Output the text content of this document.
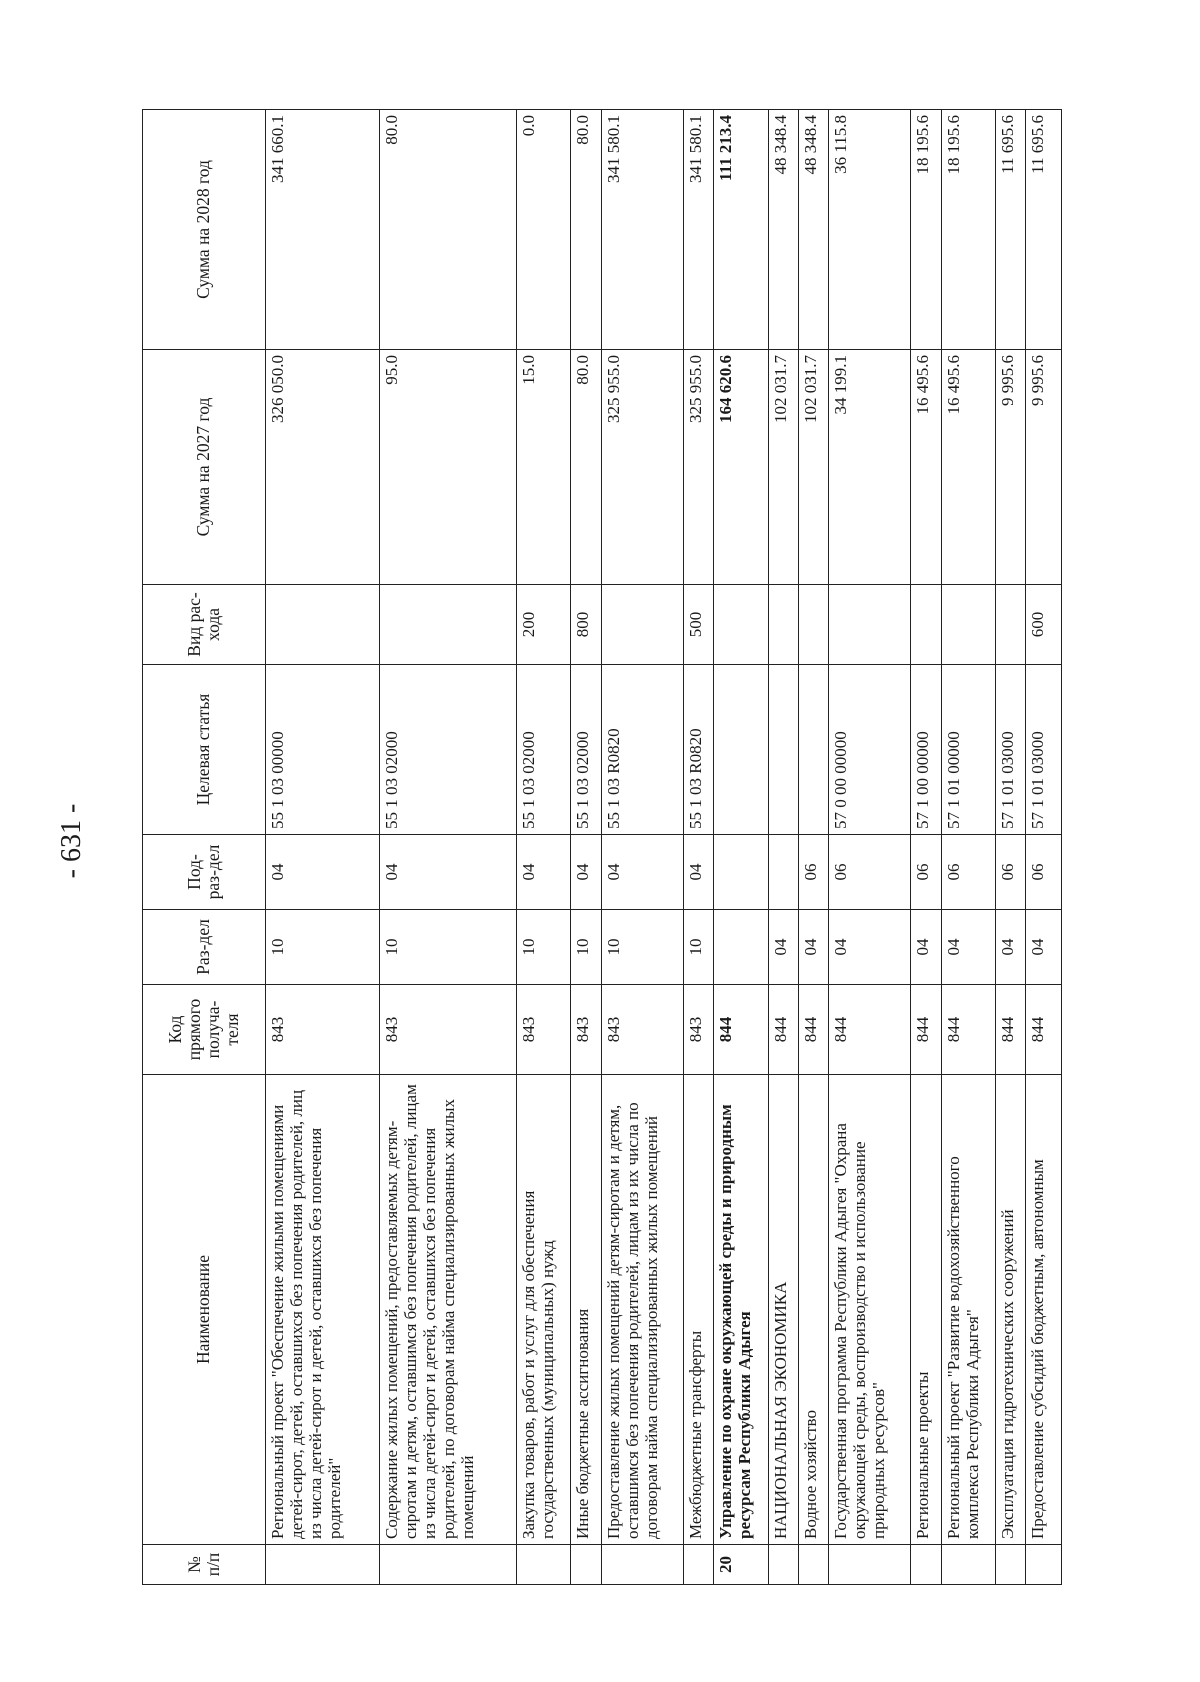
- 631 -
№ п/п	Наименование	Код прямого получа-теля	Раз-дел	Под-раз-дел	Целевая статья	Вид рас-хода	Сумма на 2027 год	Сумма на 2028 год
	Региональный проект "Обеспечение жилыми помещениями детей-сирот, детей, оставшихся без попечения родителей, лиц из числа детей-сирот и детей, оставшихся без попечения родителей"	843	10	04	55 1 03 00000		326 050.0	341 660.1
	Содержание жилых помещений, предоставляемых детям-сиротам и детям, оставшимся без попечения родителей, лицам из числа детей-сирот и детей, оставшихся без попечения родителей, по договорам найма специализированных жилых помещений	843	10	04	55 1 03 02000		95.0	80.0
	Закупка товаров, работ и услуг для обеспечения государственных (муниципальных) нужд	843	10	04	55 1 03 02000	200	15.0	0.0
	Иные бюджетные ассигнования	843	10	04	55 1 03 02000	800	80.0	80.0
	Предоставление жилых помещений детям-сиротам и детям, оставшимся без попечения родителей, лицам из их числа по договорам найма специализированных жилых помещений	843	10	04	55 1 03 R0820		325 955.0	341 580.1
	Межбюджетные трансферты	843	10	04	55 1 03 R0820	500	325 955.0	341 580.1
20	Управление по охране окружающей среды и природным ресурсам Республики Адыгея	844					164 620.6	111 213.4
	НАЦИОНАЛЬНАЯ ЭКОНОМИКА	844	04				102 031.7	48 348.4
	Водное хозяйство	844	04	06			102 031.7	48 348.4
	Государственная программа Республики Адыгея "Охрана окружающей среды, воспроизводство и использование природных ресурсов"	844	04	06	57 0 00 00000		34 199.1	36 115.8
	Региональные проекты	844	04	06	57 1 00 00000		16 495.6	18 195.6
	Региональный проект "Развитие водохозяйственного комплекса Республики Адыгея"	844	04	06	57 1 01 00000		16 495.6	18 195.6
	Эксплуатация гидротехнических сооружений	844	04	06	57 1 01 03000		9 995.6	11 695.6
	Предоставление субсидий бюджетным, автономным	844	04	06	57 1 01 03000	600	9 995.6	11 695.6
